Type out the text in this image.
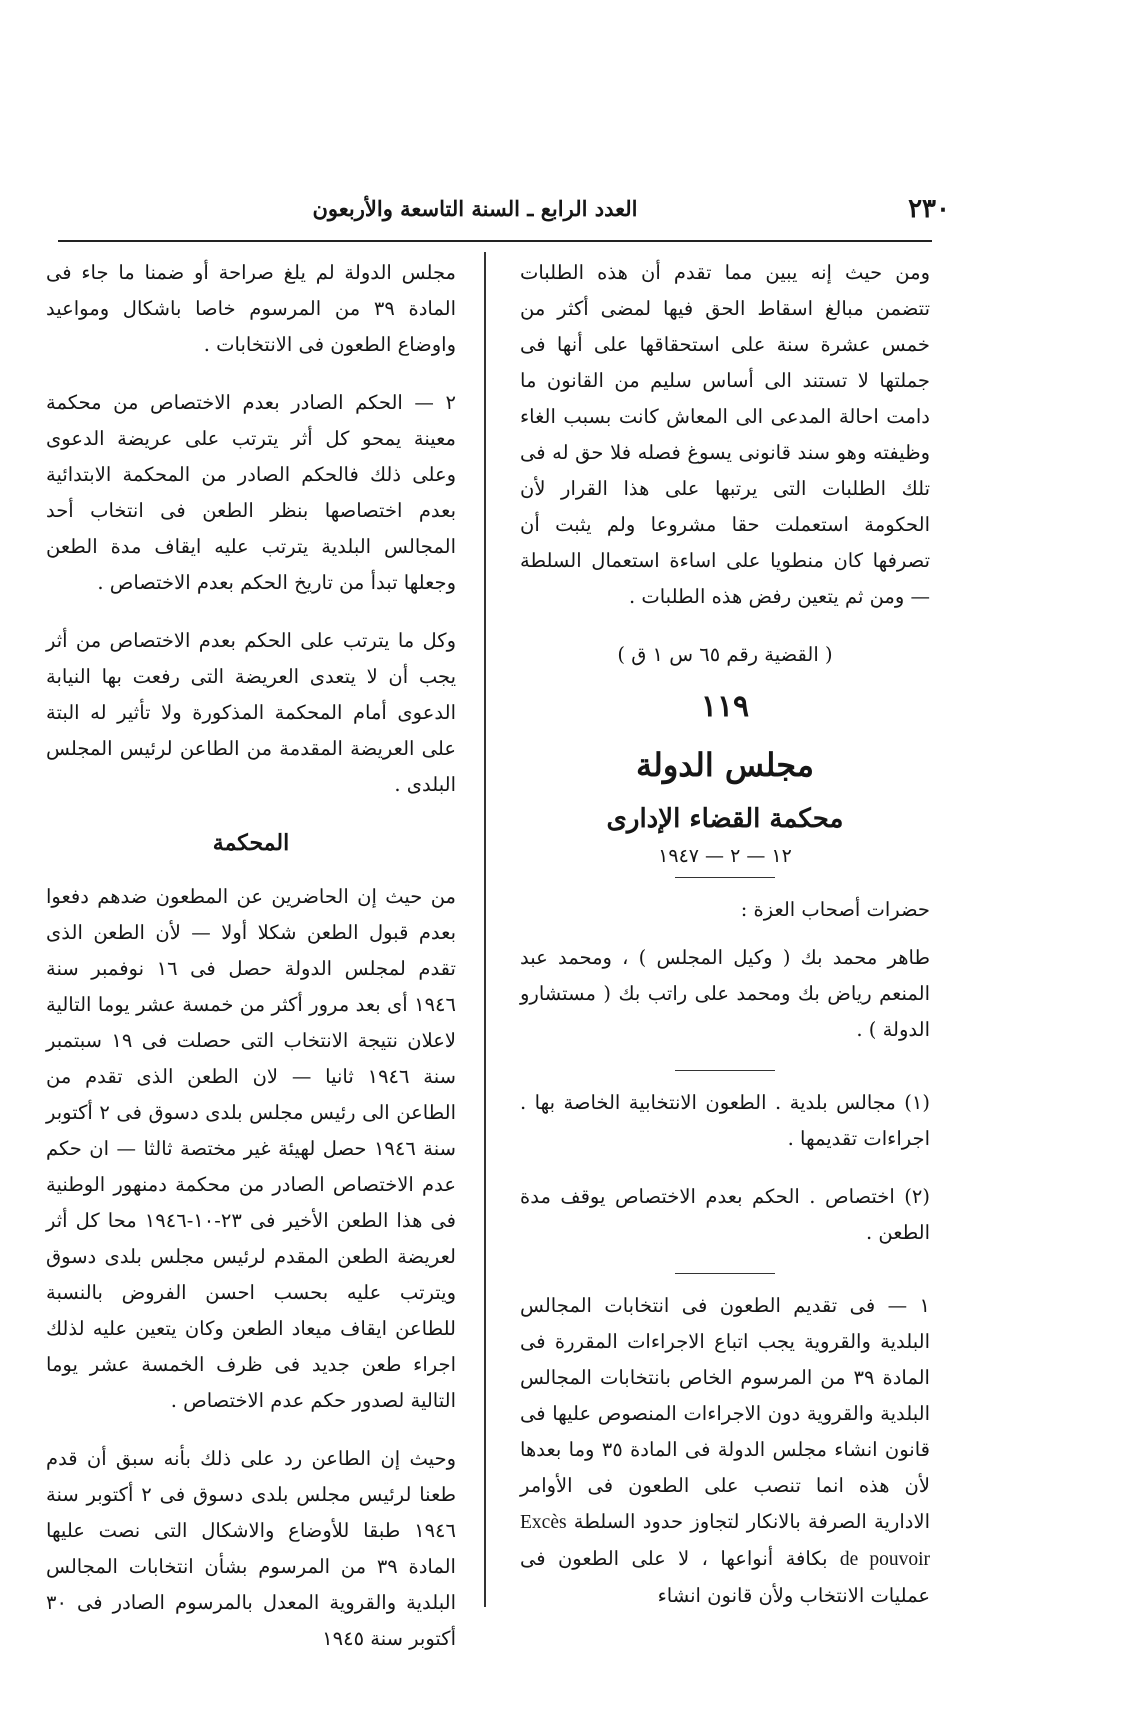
٢٣٠
العدد الرابع ـ السنة التاسعة والأربعون

ومن حيث إنه يبين مما تقدم أن هذه الطلبات تتضمن مبالغ اسقاط الحق فيها لمضى أكثر من خمس عشرة سنة على استحقاقها على أنها فى جملتها لا تستند الى أساس سليم من القانون ما دامت احالة المدعى الى المعاش كانت بسبب الغاء وظيفته وهو سند قانونى يسوغ فصله فلا حق له فى تلك الطلبات التى يرتبها على هذا القرار لأن الحكومة استعملت حقا مشروعا ولم يثبت أن تصرفها كان منطويا على اساءة استعمال السلطة — ومن ثم يتعين رفض هذه الطلبات .

( القضية رقم ٦٥ س ١ ق )

١١٩

مجلس الدولة

محكمة القضاء الإدارى

١٢ — ٢ — ١٩٤٧

حضرات أصحاب العزة :

طاهر محمد بك ( وكيل المجلس ) ، ومحمد عبد المنعم رياض بك ومحمد على راتب بك ( مستشارو الدولة ) .

(١) مجالس بلدية . الطعون الانتخابية الخاصة بها . اجراءات تقديمها .

(٢) اختصاص . الحكم بعدم الاختصاص يوقف مدة الطعن .

١ — فى تقديم الطعون فى انتخابات المجالس البلدية والقروية يجب اتباع الاجراءات المقررة فى المادة ٣٩ من المرسوم الخاص بانتخابات المجالس البلدية والقروية دون الاجراءات المنصوص عليها فى قانون انشاء مجلس الدولة فى المادة ٣٥ وما بعدها لأن هذه انما تنصب على الطعون فى الأوامر الادارية الصرفة بالانكار لتجاوز حدود السلطة Excès de pouvoir بكافة أنواعها ، لا على الطعون فى عمليات الانتخاب ولأن قانون انشاء

مجلس الدولة لم يلغ صراحة أو ضمنا ما جاء فى المادة ٣٩ من المرسوم خاصا باشكال ومواعيد واوضاع الطعون فى الانتخابات .

٢ — الحكم الصادر بعدم الاختصاص من محكمة معينة يمحو كل أثر يترتب على عريضة الدعوى وعلى ذلك فالحكم الصادر من المحكمة الابتدائية بعدم اختصاصها بنظر الطعن فى انتخاب أحد المجالس البلدية يترتب عليه ايقاف مدة الطعن وجعلها تبدأ من تاريخ الحكم بعدم الاختصاص .

وكل ما يترتب على الحكم بعدم الاختصاص من أثر يجب أن لا يتعدى العريضة التى رفعت بها النيابة الدعوى أمام المحكمة المذكورة ولا تأثير له البتة على العريضة المقدمة من الطاعن لرئيس المجلس البلدى .

المحكمة

من حيث إن الحاضرين عن المطعون ضدهم دفعوا بعدم قبول الطعن شكلا أولا — لأن الطعن الذى تقدم لمجلس الدولة حصل فى ١٦ نوفمبر سنة ١٩٤٦ أى بعد مرور أكثر من خمسة عشر يوما التالية لاعلان نتيجة الانتخاب التى حصلت فى ١٩ سبتمبر سنة ١٩٤٦ ثانيا — لان الطعن الذى تقدم من الطاعن الى رئيس مجلس بلدى دسوق فى ٢ أكتوبر سنة ١٩٤٦ حصل لهيئة غير مختصة ثالثا — ان حكم عدم الاختصاص الصادر من محكمة دمنهور الوطنية فى هذا الطعن الأخير فى ٢٣-١٠-١٩٤٦ محا كل أثر لعريضة الطعن المقدم لرئيس مجلس بلدى دسوق ويترتب عليه بحسب احسن الفروض بالنسبة للطاعن ايقاف ميعاد الطعن وكان يتعين عليه لذلك اجراء طعن جديد فى ظرف الخمسة عشر يوما التالية لصدور حكم عدم الاختصاص .

وحيث إن الطاعن رد على ذلك بأنه سبق أن قدم طعنا لرئيس مجلس بلدى دسوق فى ٢ أكتوبر سنة ١٩٤٦ طبقا للأوضاع والاشكال التى نصت عليها المادة ٣٩ من المرسوم بشأن انتخابات المجالس البلدية والقروية المعدل بالمرسوم الصادر فى ٣٠ أكتوبر سنة ١٩٤٥
